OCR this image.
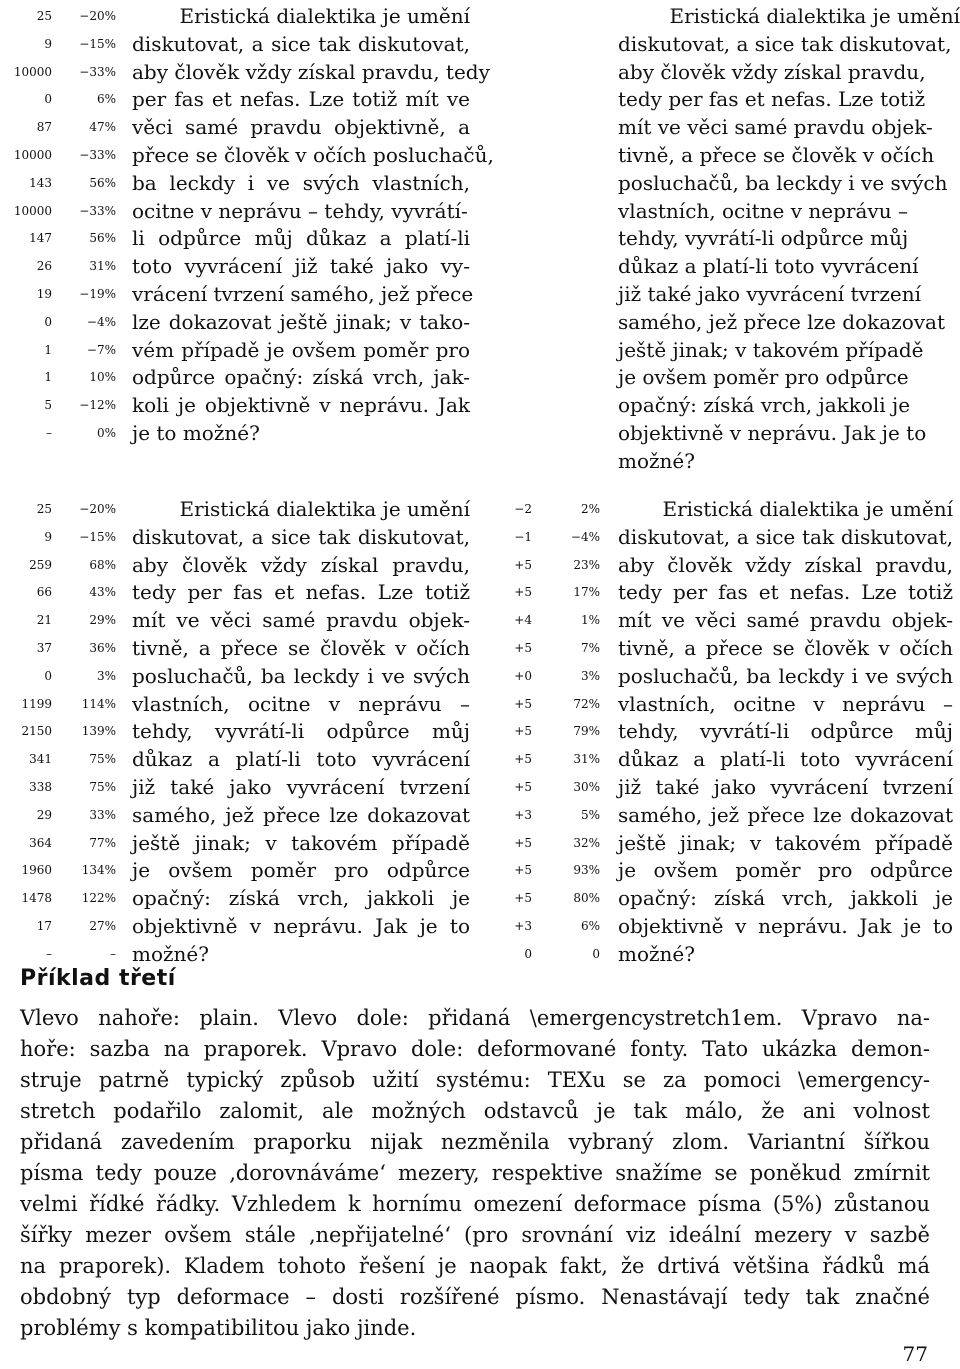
25	−20%	Eristická dialektika je umění
9	−15% diskutovat, a sice tak diskutovat,
10000	−33% aby člověk vždy získal pravdu, tedy
0	6% per fas et nefas. Lze totiž mít ve
87	47% věci samé pravdu objektivně, a
10000	−33% přece se člověk v očích posluchačů,
143	56% ba leckdy i ve svých vlastních,
10000	−33% ocitne v neprávu – tehdy, vyvrátí-
147	56% li odpůrce můj důkaz a platí-li
26	31% toto vyvrácení již také jako vy-
19	−19% vrácení tvrzení samého, jež přece
0	−4% lze dokazovat ještě jinak; v tako-
1	−7% vém případě je ovšem poměr pro
1	10% odpůrce opačný: získá vrch, jak-
5	−12% koli je objektivně v neprávu. Jak
–	0% je to možné?
Eristická dialektika je umění
diskutovat, a sice tak diskutovat,
aby člověk vždy získal pravdu,
tedy per fas et nefas. Lze totiž
mít ve věci samé pravdu objek-
tivně, a přece se člověk v očích
posluchačů, ba leckdy i ve svých
vlastních, ocitne v neprávu –
tehdy, vyvrátí-li odpůrce můj
důkaz a platí-li toto vyvrácení
již také jako vyvrácení tvrzení
samého, jež přece lze dokazovat
ještě jinak; v takovém případě
je ovšem poměr pro odpůrce
opačný: získá vrch, jakkoli je
objektivně v neprávu. Jak je to
možné?
25	−20%	Eristická dialektika je umění
9	−15% diskutovat, a sice tak diskutovat,
259	68% aby člověk vždy získal pravdu,
66	43% tedy per fas et nefas. Lze totiž
21	29% mít ve věci samé pravdu objek-
37	36% tivně, a přece se člověk v očích
0	3% posluchačů, ba leckdy i ve svých
1199	114% vlastních, ocitne v neprávu –
2150	139% tehdy, vyvrátí-li odpůrce můj
341	75% důkaz a platí-li toto vyvrácení
338	75% již také jako vyvrácení tvrzení
29	33% samého, jež přece lze dokazovat
364	77% ještě jinak; v takovém případě
1960	134% je ovšem poměr pro odpůrce
1478	122% opačný: získá vrch, jakkoli je
17	27% objektivně v neprávu. Jak je to
–	– možné?
−2	2%	Eristická dialektika je umění
−1	−4% diskutovat, a sice tak diskutovat,
+5	23% aby člověk vždy získal pravdu,
+5	17% tedy per fas et nefas. Lze totiž
+4	1% mít ve věci samé pravdu objek-
+5	7% tivně, a přece se člověk v očích
+0	3% posluchačů, ba leckdy i ve svých
+5	72% vlastních, ocitne v neprávu –
+5	79% tehdy, vyvrátí-li odpůrce můj
+5	31% důkaz a platí-li toto vyvrácení
+5	30% již také jako vyvrácení tvrzení
+3	5% samého, jež přece lze dokazovat
+5	32% ještě jinak; v takovém případě
+5	93% je ovšem poměr pro odpůrce
+5	80% opačný: získá vrch, jakkoli je
+3	6% objektivně v neprávu. Jak je to
0	0 možné?
Příklad třetí
Vlevo nahoře: plain. Vlevo dole: přidaná \emergencystretch1em. Vpravo na-
hoře: sazba na praporek. Vpravo dole: deformované fonty. Tato ukázka demon-
struje patrně typický způsob užití systému: TEXu se za pomoci \emergency-
stretch podařilo zalomit, ale možných odstavců je tak málo, že ani volnost
přidaná zavedením praporku nijak nezměnila vybraný zlom. Variantní šířkou
písma tedy pouze ‚dorovnáváme‘ mezery, respektive snažíme se poněkud zmírnit
velmi řídké řádky. Vzhledem k hornímu omezení deformace písma (5%) zůstanou
šířky mezer ovšem stále ‚nepřijatelné‘ (pro srovnání viz ideální mezery v sazbě
na praporek). Kladem tohoto řešení je naopak fakt, že drtivá většina řádků má
obdobný typ deformace – dosti rozšířené písmo. Nenastávají tedy tak značné
problémy s kompatibilitou jako jinde.
77
